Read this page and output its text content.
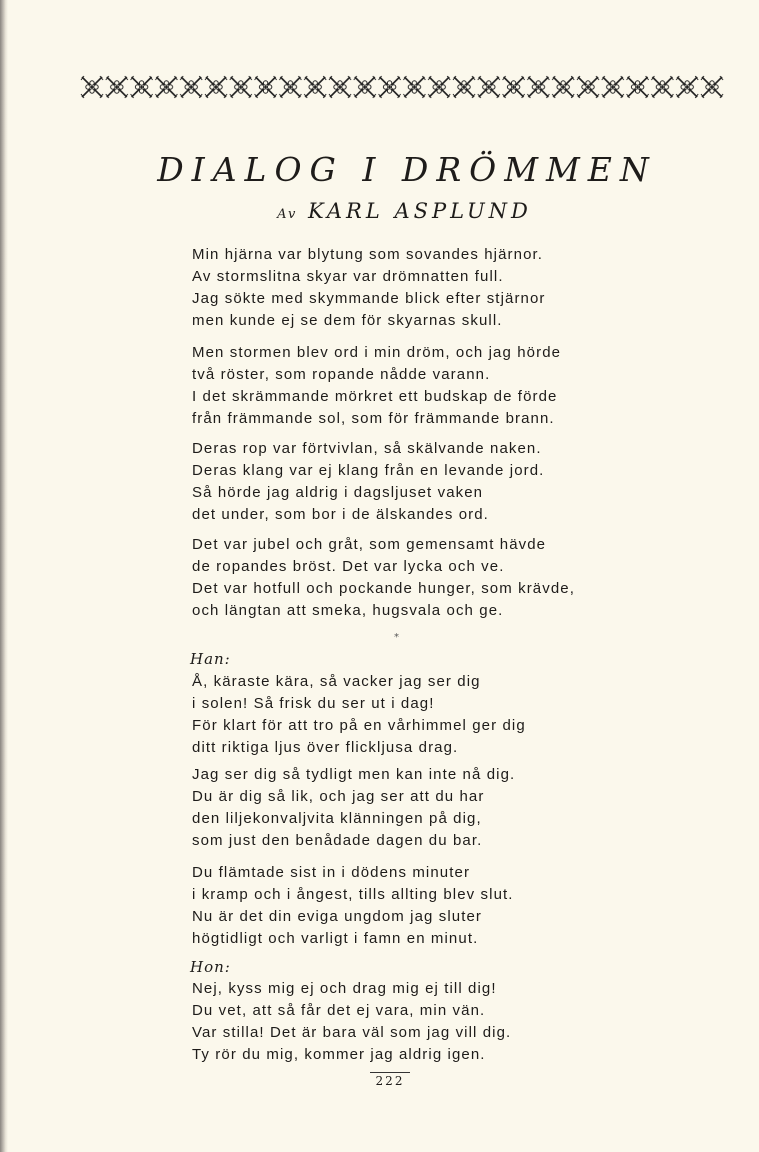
DIALOG I DRÖMMEN
Av KARL ASPLUND
Min hjärna var blytung som sovandes hjärnor.
Av stormslitna skyar var drömnatten full.
Jag sökte med skymmande blick efter stjärnor
men kunde ej se dem för skyarnas skull.
Men stormen blev ord i min dröm, och jag hörde
två röster, som ropande nådde varann.
I det skrämmande mörkret ett budskap de förde
från främmande sol, som för främmande brann.
Deras rop var förtvivlan, så skälvande naken.
Deras klang var ej klang från en levande jord.
Så hörde jag aldrig i dagsljuset vaken
det under, som bor i de älskandes ord.
Det var jubel och gråt, som gemensamt hävde
de ropandes bröst. Det var lycka och ve.
Det var hotfull och pockande hunger, som krävde,
och längtan att smeka, hugsvala och ge.
Å, käraste kära, så vacker jag ser dig
i solen! Så frisk du ser ut i dag!
För klart för att tro på en vårhimmel ger dig
ditt riktiga ljus över flickljusa drag.
Jag ser dig så tydligt men kan inte nå dig.
Du är dig så lik, och jag ser att du har
den liljekonvaljvita klänningen på dig,
som just den benådade dagen du bar.
Du flämtade sist in i dödens minuter
i kramp och i ångest, tills allting blev slut.
Nu är det din eviga ungdom jag sluter
högtidligt och varligt i famn en minut.
Nej, kyss mig ej och drag mig ej till dig!
Du vet, att så får det ej vara, min vän.
Var stilla! Det är bara väl som jag vill dig.
Ty rör du mig, kommer jag aldrig igen.
*
Han:
Hon:
222
